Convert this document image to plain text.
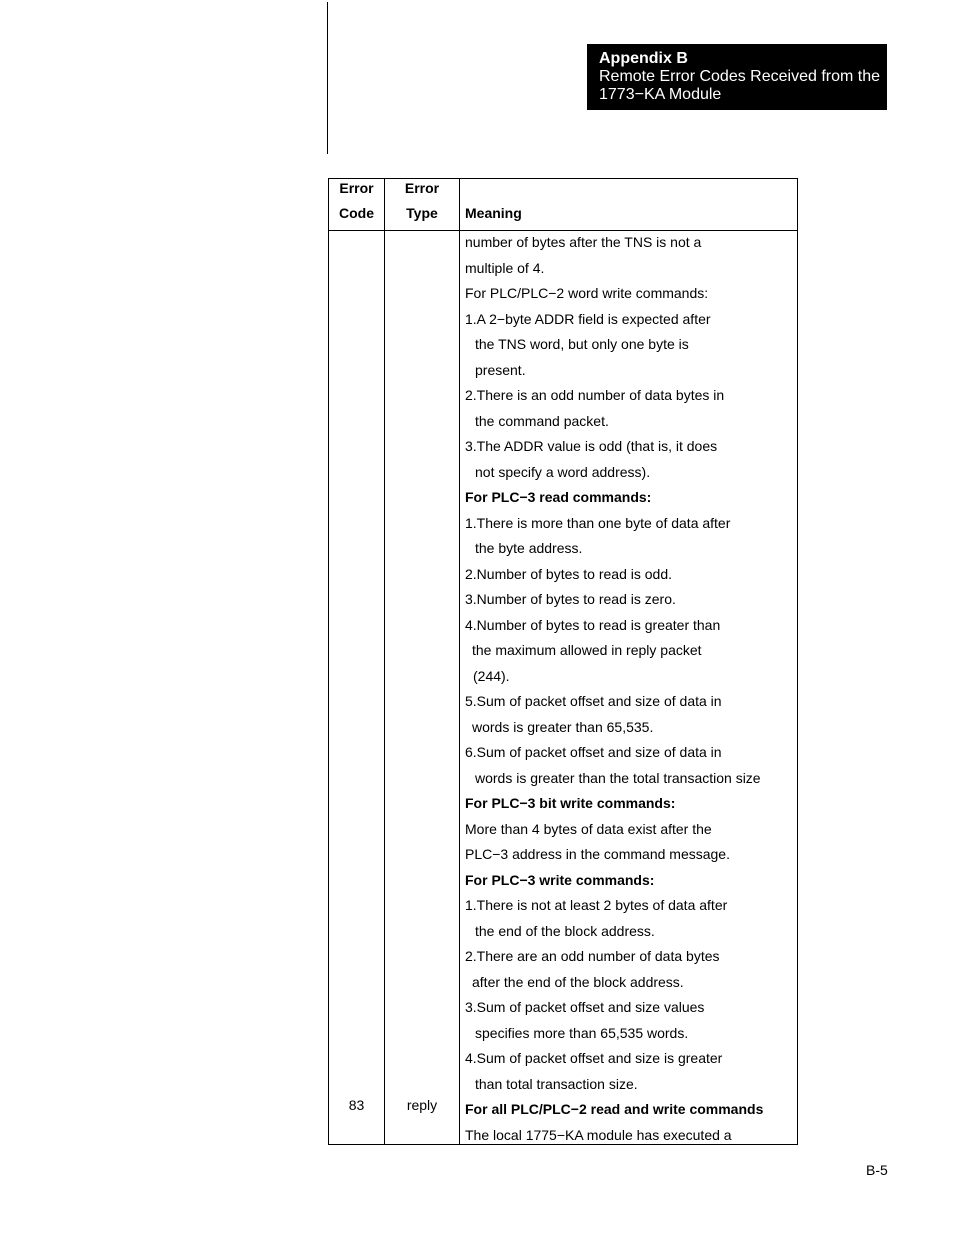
Appendix B
Remote Error Codes Received from the
1773−KA Module
Error
Code
Error
Type	Meaning
83	reply
number of bytes after the TNS is not a
multiple of 4.
For PLC/PLC−2 word write commands:
1.A 2−byte ADDR field is expected after
the TNS word, but only one byte is
present.
2.There is an odd number of data bytes in
the command packet.
3.The ADDR value is odd (that is, it does
not specify a word address).
For PLC−3 read commands:
1.There is more than one byte of data after
the byte address.
2.Number of bytes to read is odd.
3.Number of bytes to read is zero.
4.Number of bytes to read is greater than
the maximum allowed in reply packet
(244).
5.Sum of packet offset and size of data in
words is greater than 65,535.
6.Sum of packet offset and size of data in
words is greater than the total transaction size
For PLC−3 bit write commands:
More than 4 bytes of data exist after the
PLC−3 address in the command message.
For PLC−3 write commands:
1.There is not at least 2 bytes of data after
the end of the block address.
2.There are an odd number of data bytes
after the end of the block address.
3.Sum of packet offset and size values
specifies more than 65,535 words.
4.Sum of packet offset and size is greater
than total transaction size.
For all PLC/PLC−2 read and write commands
The local 1775−KA module has executed a
B-5
